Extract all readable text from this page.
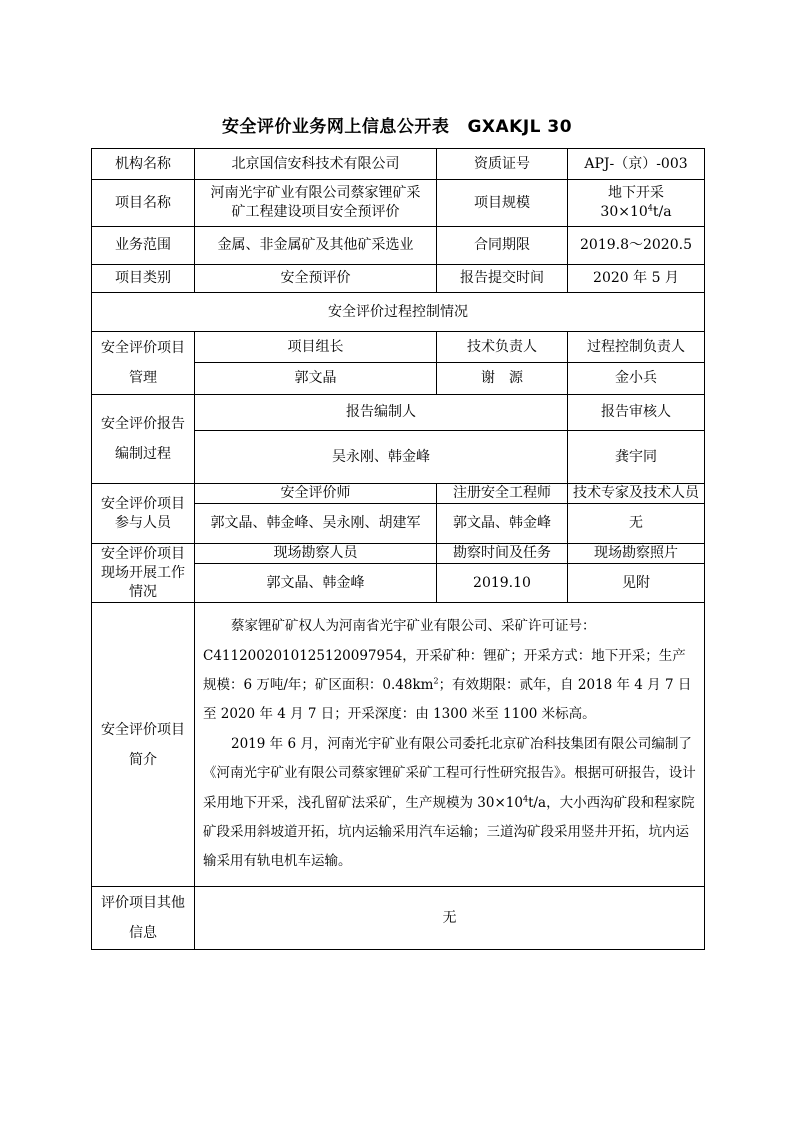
安全评价业务网上信息公开表 GXAKJL 30
机构名称	北京国信安科技术有限公司	资质证号	APJ-（京）-003
项目名称	河南光宇矿业有限公司蔡家锂矿采矿工程建设项目安全预评价	项目规模	地下开采 $30\times 10^4t/a$
业务范围	金属、非金属矿及其他矿采选业	合同期限	2019.8～2020.5
项目类别	安全预评价	报告提交时间	2020 年 5 月
安全评价过程控制情况			
安全评价项目管理	项目组长	技术负责人	过程控制负责人
	郭文晶	谢　源	金小兵
安全评价报告编制过程	报告编制人		报告审核人
	吴永刚、韩金峰		龚宇同
安全评价项目参与人员	安全评价师	注册安全工程师	技术专家及技术人员
	郭文晶、韩金峰、吴永刚、胡建军	郭文晶、韩金峰	无
安全评价项目现场开展工作情况	现场勘察人员	勘察时间及任务	现场勘察照片
	郭文晶、韩金峰	2019.10	见附
安全评价项目简介	蔡家锂矿矿权人为河南省光宇矿业有限公司、采矿许可证号：C4112002010125120097954，开采矿种：锂矿；开采方式：地下开采；生产规模：6 万吨/年；矿区面积：$0.48km^2$；有效期限：贰年，自 2018 年 4 月 7 日至 2020 年 4 月 7 日；开采深度：由 1300 米至 1100 米标高。

2019 年 6 月，河南光宇矿业有限公司委托北京矿冶科技集团有限公司编制了《河南光宇矿业有限公司蔡家锂矿采矿工程可行性研究报告》。根据可研报告，设计采用地下开采，浅孔留矿法采矿，生产规模为 $30\times 10^4t/a$，大小西沟矿段和程家院矿段采用斜坡道开拓，坑内运输采用汽车运输；三道沟矿段采用竖井开拓，坑内运输采用有轨电机车运输。		

评价项目其他信息	无		
